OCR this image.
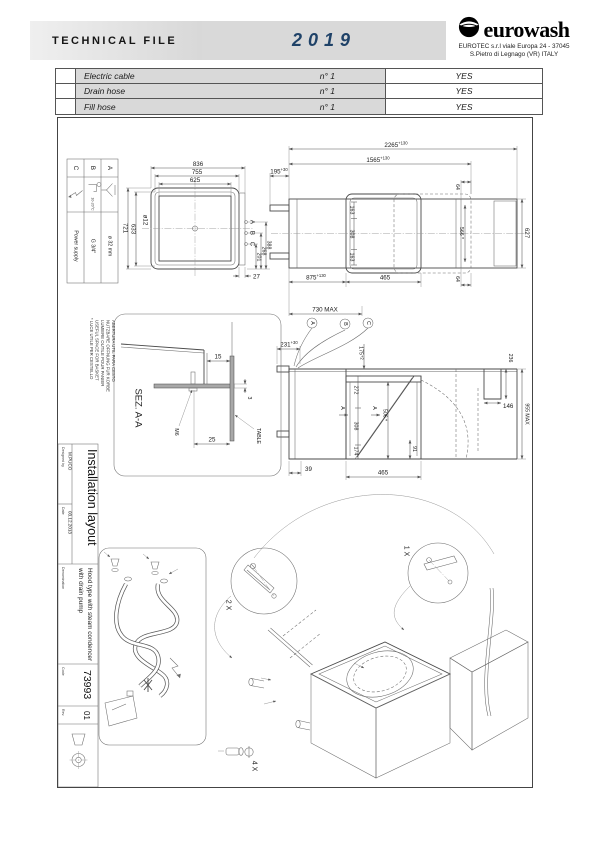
TECHNICAL FILE	2019	eurowash
EUROTEC s.r.l viale Europa 24 - 37045
S.Pietro di Legnago (VR) ITALY
Electric cable	n° 1	YES
Drain hose	n° 1	YES
Fill hose	n° 1	YES
A
B
C
10-20°C
ø 32 mm
G 3/4"
Power supply
836
755
625
721 633
ø12	A
B
C
201
268
388
27
$2265^{+130}$
$1565^{+130}$
$195^{+30}$
64
64
627
163
308
163
566 *
$875^{+130}$	465
730 MAX
A	B	C
$231^{+30}$
$175^{+2}$
272
308
174
A	A
506 *
91
39	465
236
146 955 MAX
SEZ. A-A
M6
15
3
25	TABLE
* LUCE UTILE PER CESTELLO USEFUL SPACE FOR BASKET LUMIERE OUTILE POUR PANIER NUTZBARE OFFNUNG FUR KORBE ABERTURA UTIL PARA CESTO
Designed by M.PUCO
Date
03.12.2013 Installation layout
Denomination	Hood type with steam condencer
with drain pump
Code 73993
Rev. 01
2 X
1 X
4 X
